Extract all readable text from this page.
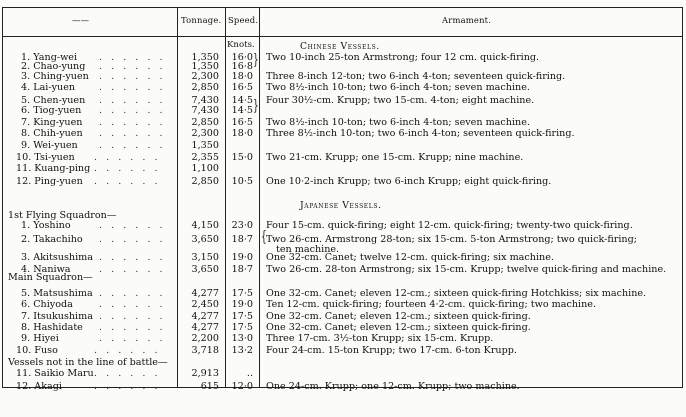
——	Tonnage. Speed.	Armament.
Knots.	Chinese Vessels.
1. Yang-wei . . . . . .	1,350	16·0 Two 10-inch 25-ton Armstrong; four 12 cm. quick-firing.
2. Chao-yung . . . . . .	1,350	16·8
3. Ching-yuen . . . . . .	2,300	18·0 Three 8-inch 12-ton; two 6-inch 4-ton; seventeen quick-firing.
4. Lai-yuen . . . . . .	2,850	16·5 Two 8½-inch 10-ton; two 6-inch 4-ton; seven machine.
5. Chen-yuen . . . . . .	7,430	14·5 Four 30½-cm. Krupp; two 15-cm. 4-ton; eight machine.
6. Tiog-yuen . . . . . .	7,430	14·5
7. King-yuen . . . . . .	2,850	16·5 Two 8½-inch 10-ton; two 6-inch 4-ton; seven machine.
8. Chih-yuen . . . . . .	2,300	18·0 Three 8½-inch 10-ton; two 6-inch 4-ton; seventeen quick-firing.
9. Wei-yuen . . . . . .	1,350
10. Tsi-yuen . . . . . .	2,355	15·0 Two 21-cm. Krupp; one 15-cm. Krupp; nine machine.
11. Kuang-ping . . . . . .	1,100
12. Ping-yuen . . . . . .	2,850	10·5 One 10·2-inch Krupp; two 6-inch Krupp; eight quick-firing.
Japanese Vessels.
1st Flying Squadron—
Main Squadron—
Vessels not in the line of battle—
1. Yoshino	. . . . . .	4,150	23·0 Four 15-cm. quick-firing; eight 12-cm. quick-firing; twenty-two quick-firing.
2. Takachiho . . . . . .	3,650	18·7 Two 26-cm. Armstrong 28-ton; six 15-cm. 5-ton Armstrong; two quick-firing;
ten machine.
3. Akitsushima . . . . . .	3,150	19·0 One 32-cm. Canet; twelve 12-cm. quick-firing; six machine.
4. Naniwa	. . . . . .	3,650	18·7 Two 26-cm. 28-ton Armstrong; six 15-cm. Krupp; twelve quick-firing and machine.
5. Matsushima . . . . . .	4,277	17·5 One 32-cm. Canet; eleven 12-cm.; sixteen quick-firing Hotchkiss; six machine.
6. Chiyoda	. . . . . .	2,450	19·0 Ten 12-cm. quick-firing; fourteen 4·2-cm. quick-firing; two machine.
7. Itsukushima . . . . . .	4,277	17·5 One 32-cm. Canet; eleven 12-cm.; sixteen quick-firing.
8. Hashidate . . . . . .	4,277	17·5 One 32-cm. Canet; eleven 12-cm.; sixteen quick-firing.
9. Hiyei	. . . . . .	2,200	13·0 Three 17-cm. 3½-ton Krupp; six 15-cm. Krupp.
10. Fuso	. . . . . .	3,718	13·2 Four 24-cm. 15-ton Krupp; two 17-cm. 6-ton Krupp.
11. Saikio Maru . . . . . .	2,913	..
12. Akagi	. . . . . .	615	12·0 One 24-cm. Krupp; one 12-cm. Krupp; two machine.
}
}
{
